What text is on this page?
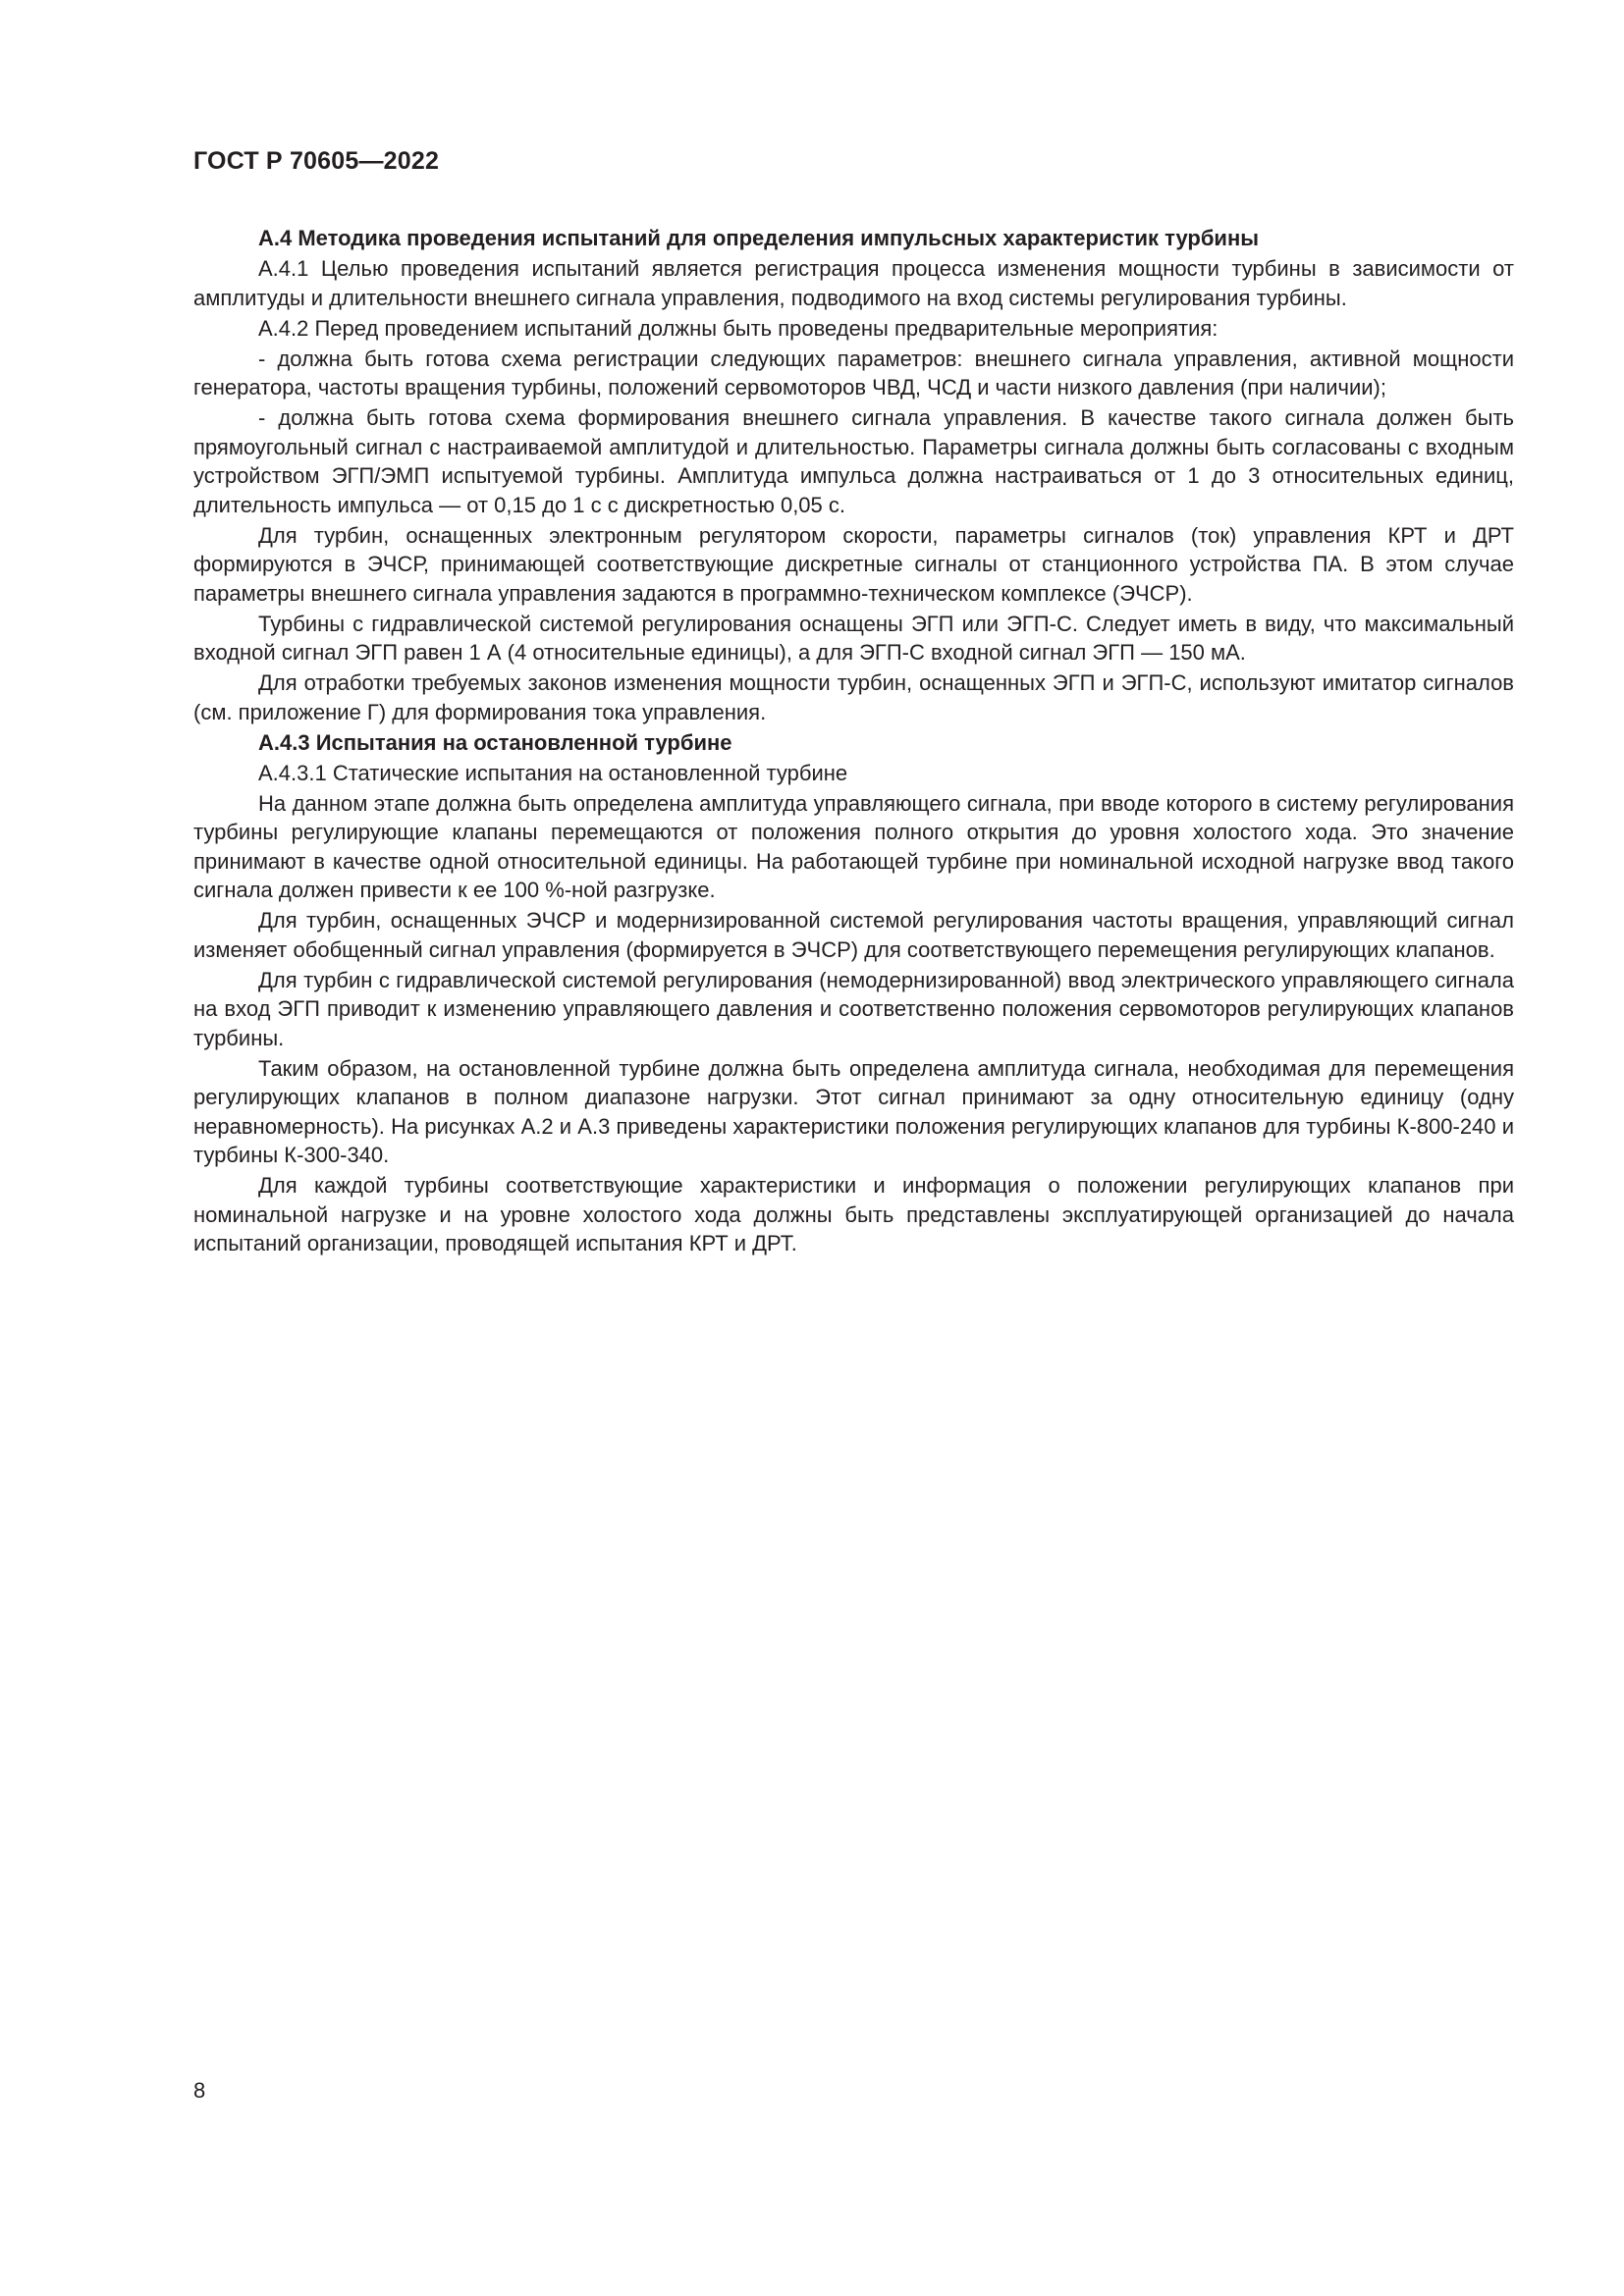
ГОСТ Р 70605—2022

А.4 Методика проведения испытаний для определения импульсных характеристик турбины

А.4.1 Целью проведения испытаний является регистрация процесса изменения мощности турбины в зависимости от амплитуды и длительности внешнего сигнала управления, подводимого на вход системы регулирования турбины.

А.4.2 Перед проведением испытаний должны быть проведены предварительные мероприятия:

- должна быть готова схема регистрации следующих параметров: внешнего сигнала управления, активной мощности генератора, частоты вращения турбины, положений сервомоторов ЧВД, ЧСД и части низкого давления (при наличии);

- должна быть готова схема формирования внешнего сигнала управления. В качестве такого сигнала должен быть прямоугольный сигнал с настраиваемой амплитудой и длительностью. Параметры сигнала должны быть согласованы с входным устройством ЭГП/ЭМП испытуемой турбины. Амплитуда импульса должна настраиваться от 1 до 3 относительных единиц, длительность импульса — от 0,15 до 1 с с дискретностью 0,05 с.

Для турбин, оснащенных электронным регулятором скорости, параметры сигналов (ток) управления КРТ и ДРТ формируются в ЭЧСР, принимающей соответствующие дискретные сигналы от станционного устройства ПА. В этом случае параметры внешнего сигнала управления задаются в программно-техническом комплексе (ЭЧСР).

Турбины с гидравлической системой регулирования оснащены ЭГП или ЭГП-С. Следует иметь в виду, что максимальный входной сигнал ЭГП равен 1 А (4 относительные единицы), а для ЭГП-С входной сигнал ЭГП — 150 мА.

Для отработки требуемых законов изменения мощности турбин, оснащенных ЭГП и ЭГП-С, используют имитатор сигналов (см. приложение Г) для формирования тока управления.

А.4.3 Испытания на остановленной турбине

А.4.3.1 Статические испытания на остановленной турбине

На данном этапе должна быть определена амплитуда управляющего сигнала, при вводе которого в систему регулирования турбины регулирующие клапаны перемещаются от положения полного открытия до уровня холостого хода. Это значение принимают в качестве одной относительной единицы. На работающей турбине при номинальной исходной нагрузке ввод такого сигнала должен привести к ее 100 %-ной разгрузке.

Для турбин, оснащенных ЭЧСР и модернизированной системой регулирования частоты вращения, управляющий сигнал изменяет обобщенный сигнал управления (формируется в ЭЧСР) для соответствующего перемещения регулирующих клапанов.

Для турбин с гидравлической системой регулирования (немодернизированной) ввод электрического управляющего сигнала на вход ЭГП приводит к изменению управляющего давления и соответственно положения сервомоторов регулирующих клапанов турбины.

Таким образом, на остановленной турбине должна быть определена амплитуда сигнала, необходимая для перемещения регулирующих клапанов в полном диапазоне нагрузки. Этот сигнал принимают за одну относительную единицу (одну неравномерность). На рисунках А.2 и А.3 приведены характеристики положения регулирующих клапанов для турбины К-800-240 и турбины К-300-340.

Для каждой турбины соответствующие характеристики и информация о положении регулирующих клапанов при номинальной нагрузке и на уровне холостого хода должны быть представлены эксплуатирующей организацией до начала испытаний организации, проводящей испытания КРТ и ДРТ.

8
